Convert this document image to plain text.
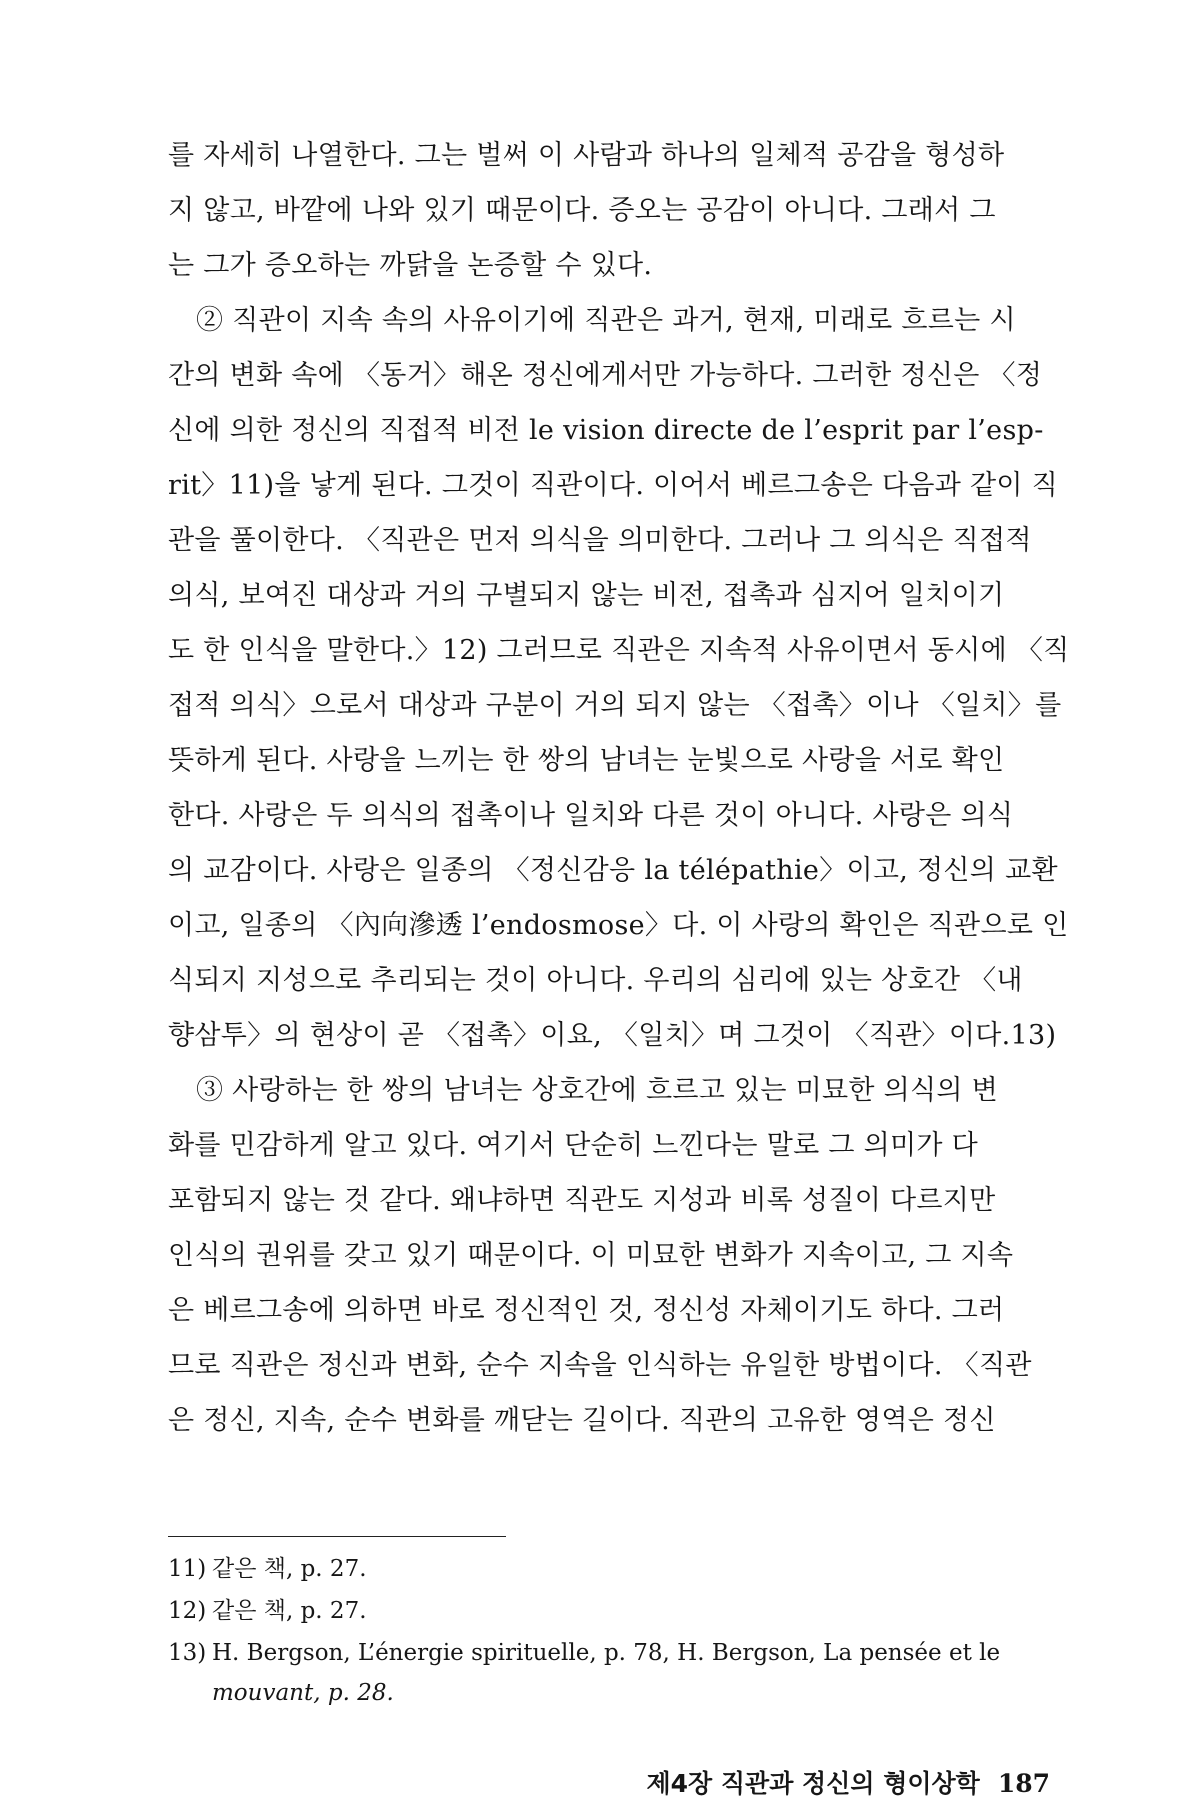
를 자세히 나열한다. 그는 벌써 이 사람과 하나의 일체적 공감을 형성하
지 않고, 바깥에 나와 있기 때문이다. 증오는 공감이 아니다. 그래서 그
는 그가 증오하는 까닭을 논증할 수 있다.
② 직관이 지속 속의 사유이기에 직관은 과거, 현재, 미래로 흐르는 시
간의 변화 속에 〈동거〉해온 정신에게서만 가능하다. 그러한 정신은 〈정
신에 의한 정신의 직접적 비전 le vision directe de l’esprit par l’esp-
rit〉11)을 낳게 된다. 그것이 직관이다. 이어서 베르그송은 다음과 같이 직
관을 풀이한다. 〈직관은 먼저 의식을 의미한다. 그러나 그 의식은 직접적
의식, 보여진 대상과 거의 구별되지 않는 비전, 접촉과 심지어 일치이기
도 한 인식을 말한다.〉12) 그러므로 직관은 지속적 사유이면서 동시에 〈직
접적 의식〉으로서 대상과 구분이 거의 되지 않는 〈접촉〉이나 〈일치〉를
뜻하게 된다. 사랑을 느끼는 한 쌍의 남녀는 눈빛으로 사랑을 서로 확인
한다. 사랑은 두 의식의 접촉이나 일치와 다른 것이 아니다. 사랑은 의식
의 교감이다. 사랑은 일종의 〈정신감응 la télépathie〉이고, 정신의 교환
이고, 일종의 〈內向滲透 l’endosmose〉다. 이 사랑의 확인은 직관으로 인
식되지 지성으로 추리되는 것이 아니다. 우리의 심리에 있는 상호간 〈내
향삼투〉의 현상이 곧 〈접촉〉이요, 〈일치〉며 그것이 〈직관〉이다.13)
③ 사랑하는 한 쌍의 남녀는 상호간에 흐르고 있는 미묘한 의식의 변
화를 민감하게 알고 있다. 여기서 단순히 느낀다는 말로 그 의미가 다
포함되지 않는 것 같다. 왜냐하면 직관도 지성과 비록 성질이 다르지만
인식의 권위를 갖고 있기 때문이다. 이 미묘한 변화가 지속이고, 그 지속
은 베르그송에 의하면 바로 정신적인 것, 정신성 자체이기도 하다. 그러
므로 직관은 정신과 변화, 순수 지속을 인식하는 유일한 방법이다. 〈직관
은 정신, 지속, 순수 변화를 깨닫는 길이다. 직관의 고유한 영역은 정신
11) 같은 책, p. 27.
12) 같은 책, p. 27.
13) H. Bergson, L’énergie spirituelle, p. 78, H. Bergson, La pensée et le
mouvant, p. 28.
제4장 직관과 정신의 형이상학 187
